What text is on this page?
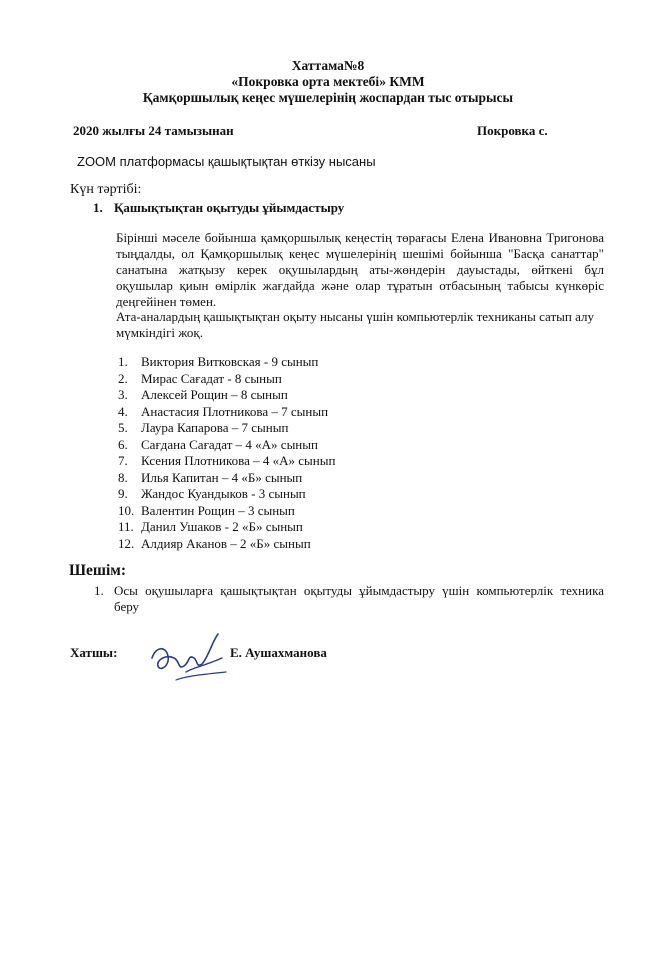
Хаттама№8
«Покровка орта мектебі» КММ
Қамқоршылық кеңес мүшелерінің жоспардан тыс отырысы
2020 жылғы 24 тамызынан	Покровка с.
ZOOM платформасы қашықтықтан өткізу нысаны
Күн тәртібі:
1. Қашықтықтан оқытуды ұйымдастыру
Бірінші мәселе бойынша қамқоршылық кеңестің төрағасы Елена Ивановна Тригонова тыңдалды, ол Қамқоршылық кеңес мүшелерінің шешімі бойынша "Басқа санаттар" санатына жатқызу керек оқушылардың аты-жөндерін дауыстады, өйткені бұл оқушылар қиын өмірлік жағдайда және олар тұратын отбасының табысы күнкөріс деңгейінен төмен.
Ата-аналардың қашықтықтан оқыту нысаны үшін компьютерлік техниканы сатып алу мүмкіндігі жоқ.
1. Виктория Витковская - 9 сынып
2. Мирас Сағадат - 8 сынып
3. Алексей Рощин – 8 сынып
4. Анастасия Плотникова – 7 сынып
5. Лаура Капарова – 7 сынып
6. Сағдана Сағадат – 4 «А» сынып
7. Ксения Плотникова – 4 «А» сынып
8. Илья Капитан – 4 «Б» сынып
9. Жандос Куандыков - 3 сынып
10. Валентин Рощин – 3 сынып
11. Данил Ушаков - 2 «Б» сынып
12. Алдияр Аканов – 2 «Б» сынып
Шешім:
1. Осы оқушыларға қашықтықтан оқытуды ұйымдастыру үшін компьютерлік техника беру
Хатшы:	Е. Аушахманова
